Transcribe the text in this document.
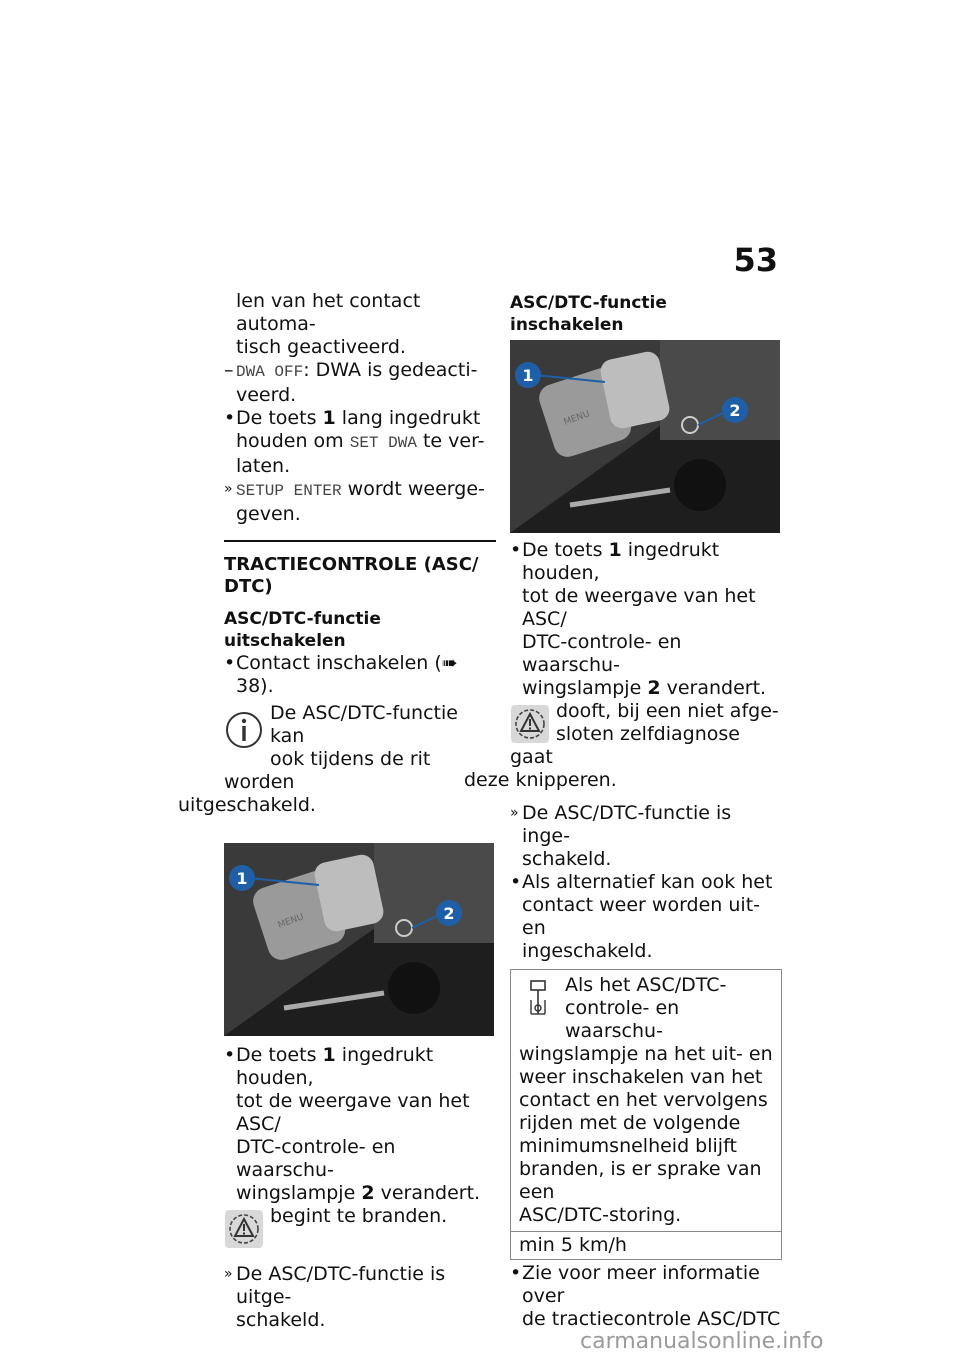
53

len van het contact automa-
tisch geactiveerd.

– DWA OFF: DWA is gedeacti-
veerd.

• De toets 1 lang ingedrukt
houden om SET DWA te ver-
laten.

» SETUP ENTER wordt weerge-
geven.

TRACTIECONTROLE (ASC/
DTC)

ASC/DTC-functie uitschakelen

• Contact inschakelen (➠ 38).

De ASC/DTC-functie kan
ook tijdens de rit worden
uitgeschakeld.
1
2
MENU

• De toets 1 ingedrukt houden,
tot de weergave van het ASC/
DTC-controle- en waarschu-
wingslampje 2 verandert.

begint te branden.

» De ASC/DTC-functie is uitge-
schakeld.

ASC/DTC-functie inschakelen

1
2
MENU

• De toets 1 ingedrukt houden,
tot de weergave van het ASC/
DTC-controle- en waarschu-
wingslampje 2 verandert.

dooft, bij een niet afge-
sloten zelfdiagnose gaat
deze knipperen.

» De ASC/DTC-functie is inge-
schakeld.

• Als alternatief kan ook het
contact weer worden uit- en
ingeschakeld.

Als het ASC/DTC-
controle- en waarschu-
wingslampje na het uit- en
weer inschakelen van het
contact en het vervolgens
rijden met de volgende
minimumsnelheid blijft
branden, is er sprake van een
ASC/DTC-storing.
min 5 km/h

• Zie voor meer informatie over
de tractiecontrole ASC/DTC

carmanualsonline.info
